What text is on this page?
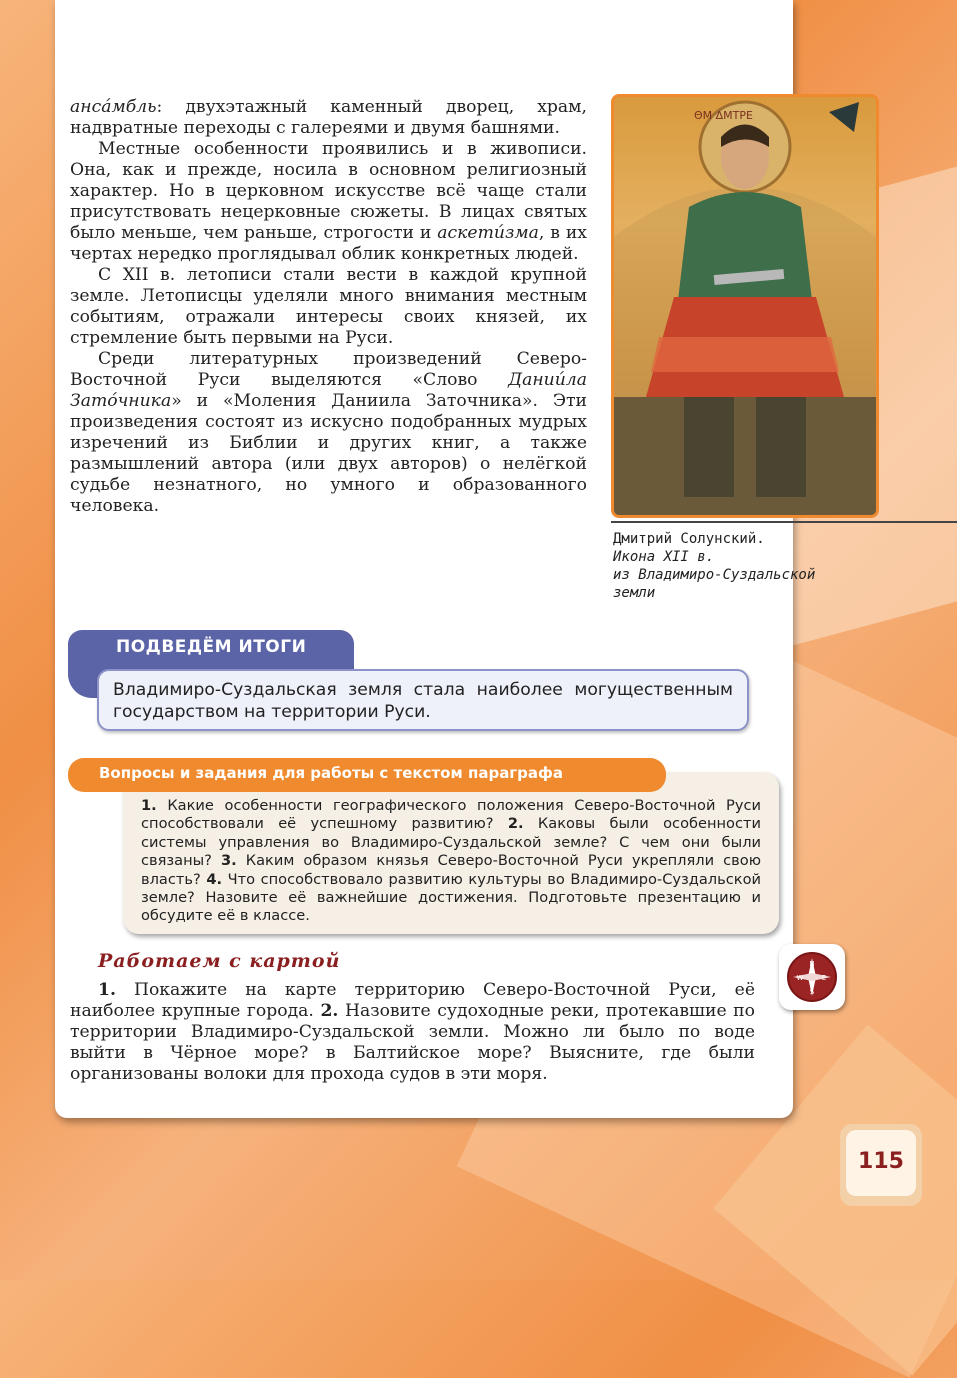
ансáмбль: двухэтажный каменный дворец, храм, надвратные переходы с галереями и двумя башнями.

Местные особенности проявились и в живописи. Она, как и прежде, носила в основном религиозный характер. Но в церковном искусстве всё чаще стали присутствовать нецерковные сюжеты. В лицах святых было меньше, чем раньше, строгости и аскетúзма, в их чертах нередко проглядывал облик конкретных людей.

С XII в. летописи стали вести в каждой крупной земле. Летописцы уделяли много внимания местным событиям, отражали интересы своих князей, их стремление быть первыми на Руси.

Среди литературных произведений Северо-Восточной Руси выделяются «Слово Даниúла Затóчника» и «Моления Даниила Заточника». Эти произведения состоят из искусно подобранных мудрых изречений из Библии и других книг, а также размышлений автора (или двух авторов) о нелёгкой судьбе незнатного, но умного и образованного человека.

ΘΜ ΔΜΤΡΕ
Дмитрий Солунский.
Икона XII в.
из Владимиро-Суздальской
земли
ПОДВЕДЁМ ИТОГИ
Владимиро-Суздальская земля стала наиболее могущественным государством на территории Руси.
1. Какие особенности географического положения Северо-Восточной Руси способствовали её успешному развитию? 2. Каковы были особенности системы управления во Владимиро-Суздальской земле? С чем они были связаны? 3. Каким образом князья Северо-Восточной Руси укрепляли свою власть? 4. Что способствовало развитию культуры во Владимиро-Суздальской земле? Назовите её важнейшие достижения. Подготовьте презентацию и обсудите её в классе.
Вопросы и задания для работы с текстом параграфа
Работаем с картой	N
S
W	E
1. Покажите на карте территорию Северо-Восточной Руси, её наиболее крупные города. 2. Назовите судоходные реки, протекавшие по территории Владимиро-Суздальской земли. Можно ли было по воде выйти в Чёрное море? в Балтийское море? Выясните, где были организованы волоки для прохода судов в эти моря.
115
